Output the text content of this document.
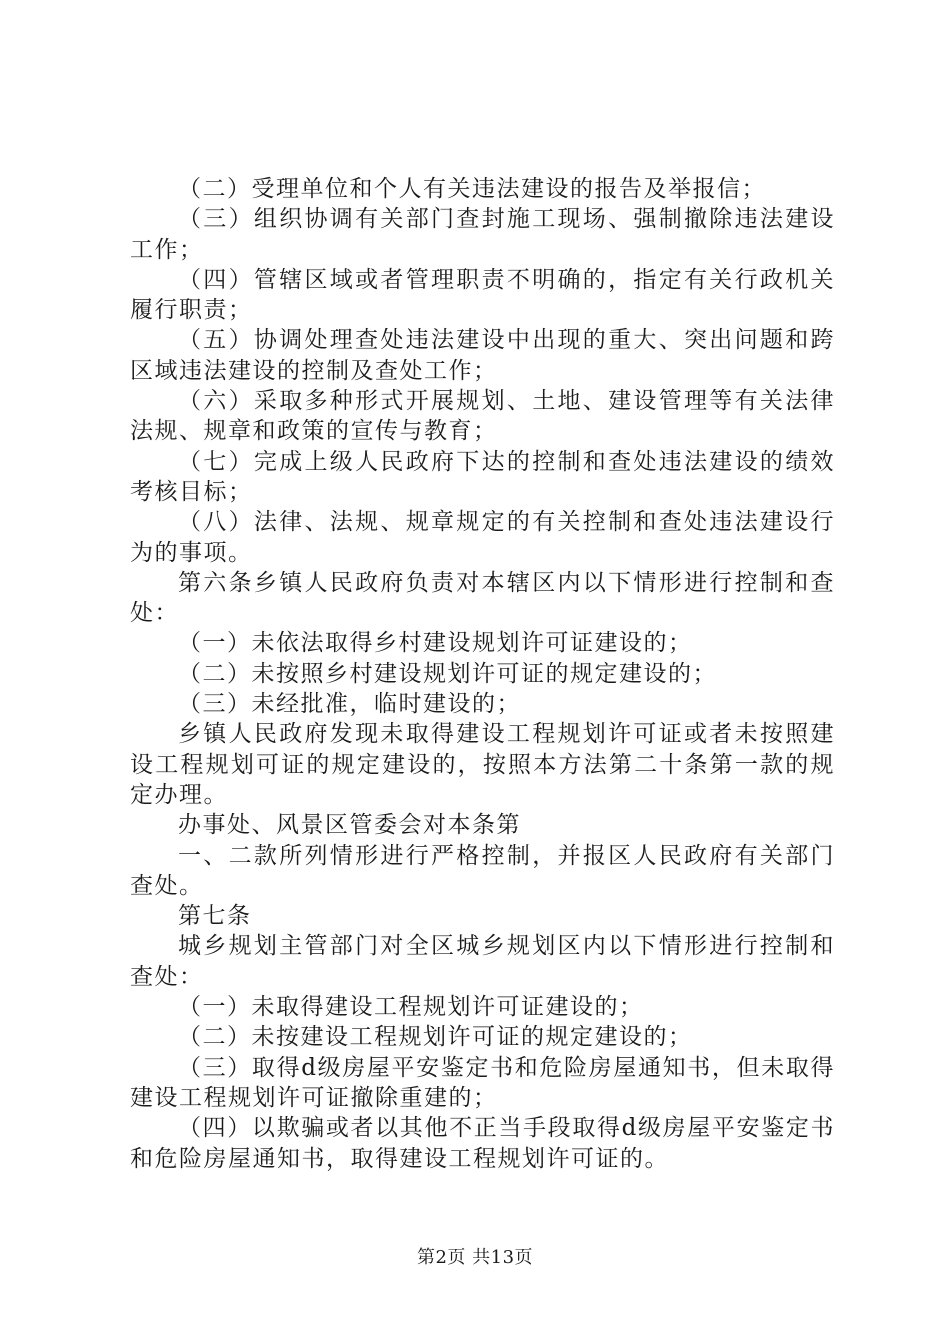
（二）受理单位和个人有关违法建设的报告及举报信；

（三）组织协调有关部门查封施工现场、强制撤除违法建设工作；

（四）管辖区域或者管理职责不明确的，指定有关行政机关履行职责；

（五）协调处理查处违法建设中出现的重大、突出问题和跨区域违法建设的控制及查处工作；

（六）采取多种形式开展规划、土地、建设管理等有关法律法规、规章和政策的宣传与教育；

（七）完成上级人民政府下达的控制和查处违法建设的绩效考核目标；

（八）法律、法规、规章规定的有关控制和查处违法建设行为的事项。

第六条乡镇人民政府负责对本辖区内以下情形进行控制和查处：

（一）未依法取得乡村建设规划许可证建设的；

（二）未按照乡村建设规划许可证的规定建设的；

（三）未经批准，临时建设的；

乡镇人民政府发现未取得建设工程规划许可证或者未按照建设工程规划可证的规定建设的，按照本方法第二十条第一款的规定办理。

办事处、风景区管委会对本条第

一、二款所列情形进行严格控制，并报区人民政府有关部门查处。

第七条

城乡规划主管部门对全区城乡规划区内以下情形进行控制和查处：

（一）未取得建设工程规划许可证建设的；

（二）未按建设工程规划许可证的规定建设的；

（三）取得d级房屋平安鉴定书和危险房屋通知书，但未取得建设工程规划许可证撤除重建的；

（四）以欺骗或者以其他不正当手段取得d级房屋平安鉴定书和危险房屋通知书，取得建设工程规划许可证的。

第2页 共13页
